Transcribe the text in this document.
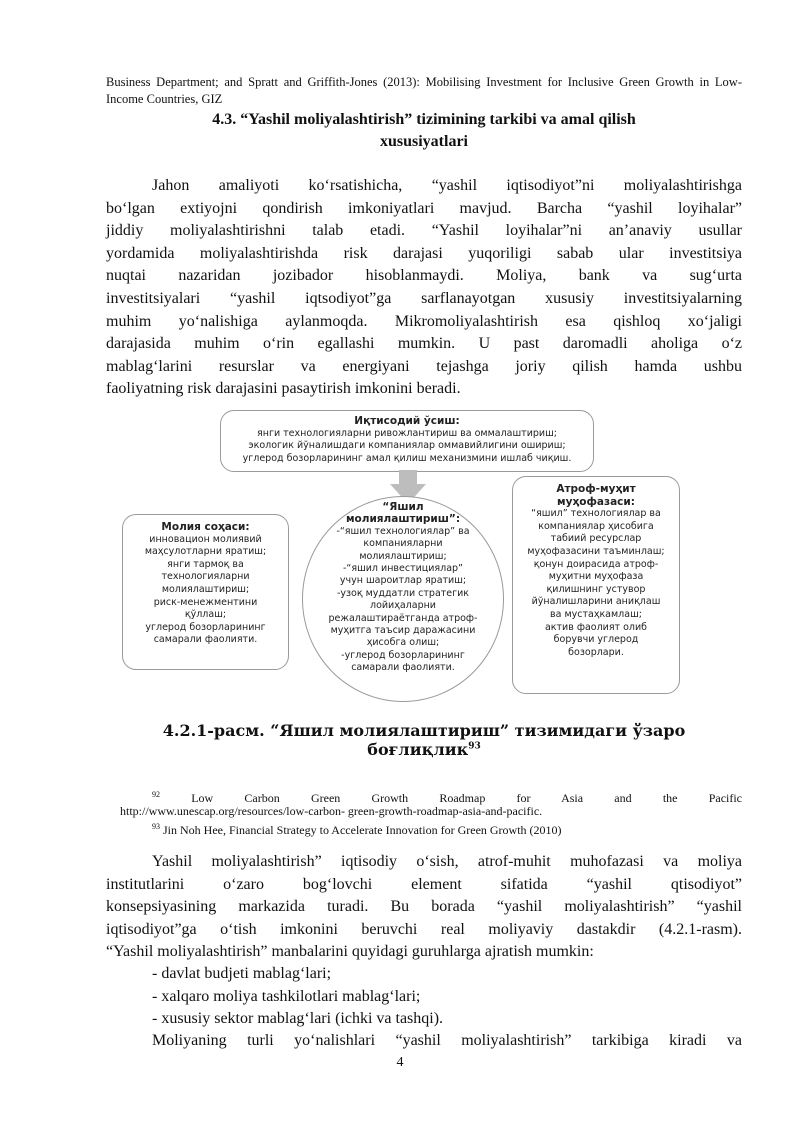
Business Department; and Spratt and Griffith-Jones (2013): Mobilising Investment for Inclusive Green Growth in Low-Income Countries, GIZ
4.3. “Yashil moliyalashtirish” tizimining tarkibi va amal qilish
xususiyatlari
Jahon amaliyoti ko‘rsatishicha, “yashil iqtisodiyot”ni moliyalashtirishga
bo‘lgan extiyojni qondirish imkoniyatlari mavjud. Barcha “yashil loyihalar”
jiddiy moliyalashtirishni talab etadi. “Yashil loyihalar”ni an’anaviy usullar
yordamida moliyalashtirishda risk darajasi yuqoriligi sabab ular investitsiya
nuqtai nazaridan jozibador hisoblanmaydi. Moliya, bank va sug‘urta
investitsiyalari “yashil iqtsodiyot”ga sarflanayotgan xususiy investitsiyalarning
muhim yo‘nalishiga aylanmoqda. Mikromoliyalashtirish esa qishloq xo‘jaligi
darajasida muhim o‘rin egallashi mumkin. U past daromadli aholiga o‘z
mablag‘larini resurslar va energiyani tejashga joriy qilish hamda ushbu
faoliyatning risk darajasini pasaytirish imkonini beradi.
Иқтисодий ўсиш:
янги технологияларни ривожлантириш ва оммалаштириш;
экологик йўналишдаги компаниялар оммавийлигини ошириш;
углерод бозорларининг амал қилиш механизмини ишлаб чиқиш.
Молия соҳаси:
инновацион молиявий
маҳсулотларни яратиш;
янги тармоқ ва
технологияларни
молиялаштириш;
риск-менежментини
қўллаш;
углерод бозорларининг
самарали фаолияти.
“Яшил
молиялаштириш”:
-“яшил технологиялар” ва
компанияларни
молиялаштириш;
-“яшил инвестициялар”
учун шароитлар яратиш;
-узоқ муддатли стратегик
лойиҳаларни
режалаштираётганда атроф-
муҳитга таъсир даражасини
ҳисобга олиш;
-углерод бозорларининг
самарали фаолияти.
Атроф-муҳит
муҳофазаси:
“яшил” технологиялар ва
компаниялар ҳисобига
табиий ресурслар
муҳофазасини таъминлаш;
қонун доирасида атроф-
муҳитни муҳофаза
қилишнинг устувор
йўналишларини аниқлаш
ва мустаҳкамлаш;
актив фаолият олиб
борувчи углерод
бозорлари.
4.2.1-расм. “Яшил молиялаштириш” тизимидаги ўзаро боғлиқлик$^{93}$
$^{92}$	Low Carbon Green Growth Roadmap for Asia and the Pacific
http://www.unescap.org/resources/low-carbon- green-growth-roadmap-asia-and-pacific.
$^{93}$ Jin Noh Hee, Financial Strategy to Accelerate Innovation for Green Growth (2010)
Yashil moliyalashtirish” iqtisodiy o‘sish, atrof-muhit muhofazasi va moliya
institutlarini o‘zaro bog‘lovchi element sifatida “yashil qtisodiyot”
konsepsiyasining markazida turadi. Bu borada “yashil moliyalashtirish” “yashil
iqtisodiyot”ga o‘tish imkonini beruvchi real moliyaviy dastakdir (4.2.1-rasm).
“Yashil moliyalashtirish” manbalarini quyidagi guruhlarga ajratish mumkin:
- davlat budjeti mablag‘lari;
- xalqaro moliya tashkilotlari mablag‘lari;
- xususiy sektor mablag‘lari (ichki va tashqi).
Moliyaning turli yo‘nalishlari “yashil moliyalashtirish” tarkibiga kiradi va
4
